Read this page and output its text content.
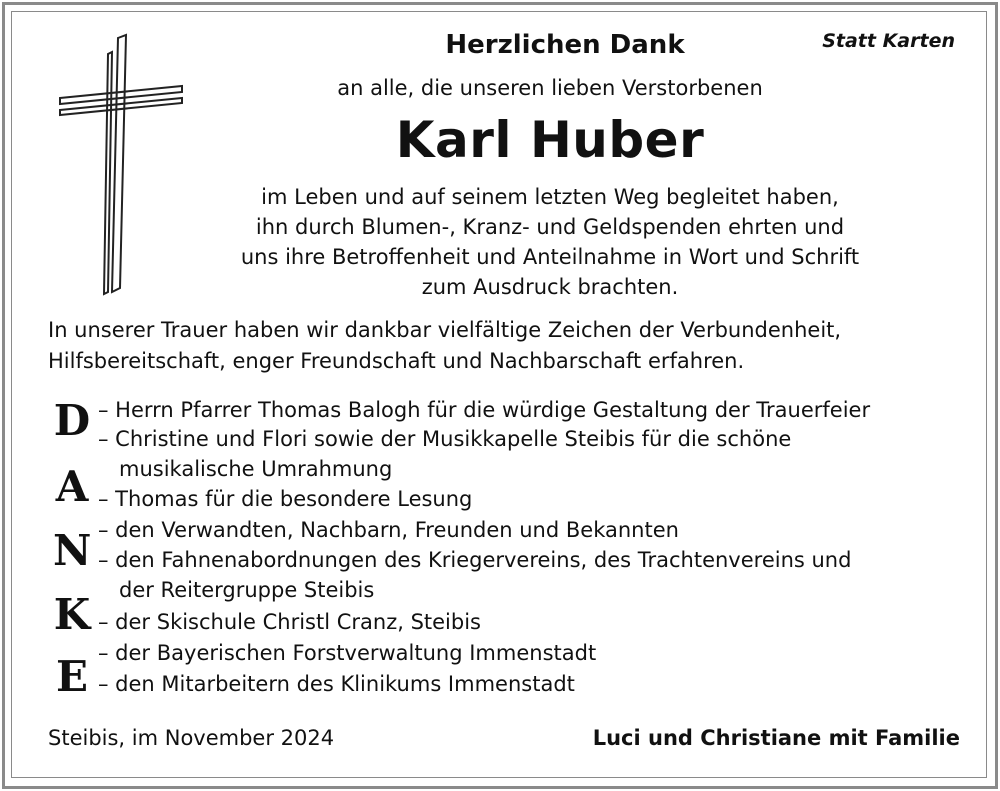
Statt Karten
Herzlichen Dank
an alle, die unseren lieben Verstorbenen
Karl Huber
im Leben und auf seinem letzten Weg begleitet haben,
ihn durch Blumen-, Kranz- und Geldspenden ehrten und
uns ihre Betroffenheit und Anteilnahme in Wort und Schrift
zum Ausdruck brachten.
In unserer Trauer haben wir dankbar vielfältige Zeichen der Verbundenheit,
Hilfsbereitschaft, enger Freundschaft und Nachbarschaft erfahren.
D
A
N
K
E
– Herrn Pfarrer Thomas Balogh für die würdige Gestaltung der Trauerfeier
– Christine und Flori sowie der Musikkapelle Steibis für die schöne
musikalische Umrahmung
– Thomas für die besondere Lesung
– den Verwandten, Nachbarn, Freunden und Bekannten
– den Fahnenabordnungen des Kriegervereins, des Trachtenvereins und
der Reitergruppe Steibis
– der Skischule Christl Cranz, Steibis
– der Bayerischen Forstverwaltung Immenstadt
– den Mitarbeitern des Klinikums Immenstadt
Steibis, im November 2024	Luci und Christiane mit Familie
